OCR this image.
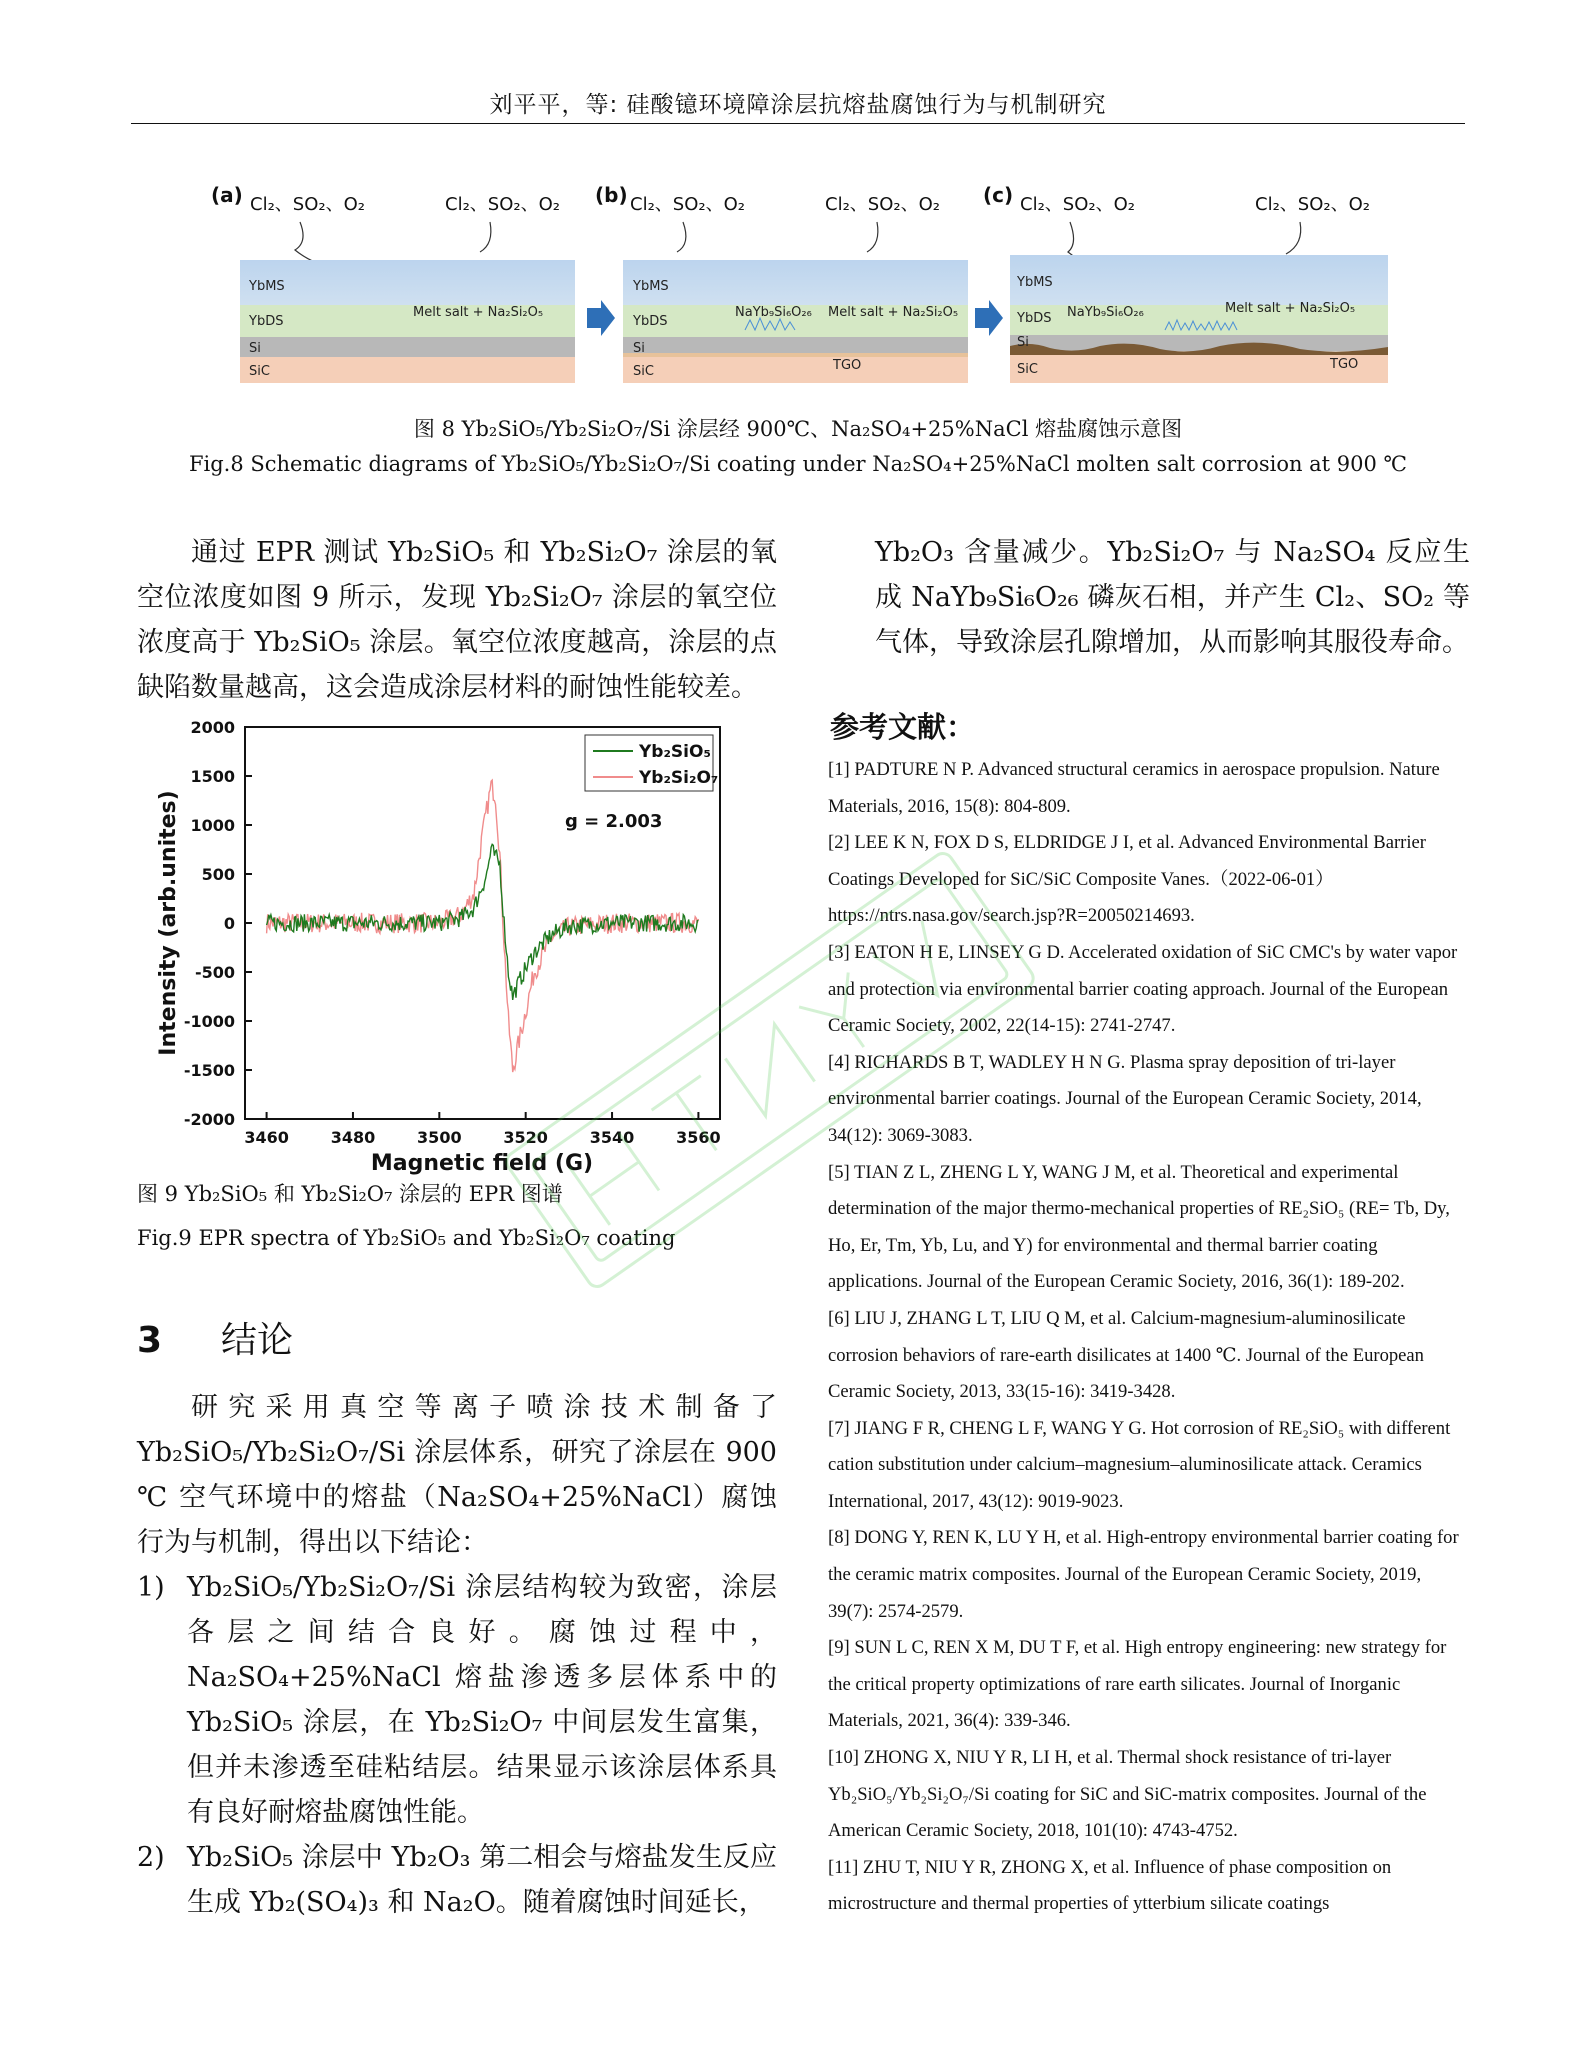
刘平平，等: 硅酸镱环境障涂层抗熔盐腐蚀行为与机制研究
(a) Cl₂、SO₂、O₂	Cl₂、SO₂、O₂
YbMS
YbDS
Si
SiC
Melt salt + Na₂Si₂O₅
(b) Cl₂、SO₂、O₂	Cl₂、SO₂、O₂
YbMS
YbDS
Si
SiC
NaYb₉Si₆O₂₆ Melt salt + Na₂Si₂O₅
TGO
(c) Cl₂、SO₂、O₂	Cl₂、SO₂、O₂
YbMS
YbDS
Si
SiC
NaYb₉Si₆O₂₆	Melt salt + Na₂Si₂O₅
TGO
图 8 Yb₂SiO₅/Yb₂Si₂O₇/Si 涂层经 900℃、Na₂SO₄+25%NaCl 熔盐腐蚀示意图
Fig.8 Schematic diagrams of Yb₂SiO₅/Yb₂Si₂O₇/Si coating under Na₂SO₄+25%NaCl molten salt corrosion at 900 ℃
通过 EPR 测试 Yb₂SiO₅ 和 Yb₂Si₂O₇ 涂层的氧空位浓度如图 9 所示，发现 Yb₂Si₂O₇ 涂层的氧空位浓度高于 Yb₂SiO₅ 涂层。氧空位浓度越高，涂层的点缺陷数量越高，这会造成涂层材料的耐蚀性能较差。
2000
1500
1000
500
0
-500
-1000
-1500
-2000
3460	3480	3500	3520	3540	3560
Intensity (arb.unites)
Magnetic field (G)
g = 2.003
Yb₂SiO₅
Yb₂Si₂O₇
图 9 Yb₂SiO₅ 和 Yb₂Si₂O₇ 涂层的 EPR 图谱
Fig.9 EPR spectra of Yb₂SiO₅ and Yb₂Si₂O₇ coating
3 结论
研究采用真空等离子喷涂技术制备了 Yb₂SiO₅/Yb₂Si₂O₇/Si 涂层体系，研究了涂层在 900 ℃ 空气环境中的熔盐（Na₂SO₄+25%NaCl）腐蚀行为与机制，得出以下结论：
1) Yb₂SiO₅/Yb₂Si₂O₇/Si 涂层结构较为致密，涂层各层之间结合良好。腐蚀过程中，Na₂SO₄+25%NaCl 熔盐渗透多层体系中的 Yb₂SiO₅ 涂层，在 Yb₂Si₂O₇ 中间层发生富集，但并未渗透至硅粘结层。结果显示该涂层体系具有良好耐熔盐腐蚀性能。
2) Yb₂SiO₅ 涂层中 Yb₂O₃ 第二相会与熔盐发生反应生成 Yb₂(SO₄)₃ 和 Na₂O。随着腐蚀时间延长，
Yb₂O₃ 含量减少。Yb₂Si₂O₇ 与 Na₂SO₄ 反应生成 NaYb₉Si₆O₂₆ 磷灰石相，并产生 Cl₂、SO₂ 等气体，导致涂层孔隙增加，从而影响其服役寿命。
参考文献：

[1] PADTURE N P. Advanced structural ceramics in aerospace propulsion. Nature Materials, 2016, 15(8): 804-809.

[2] LEE K N, FOX D S, ELDRIDGE J I, et al. Advanced Environmental Barrier Coatings Developed for SiC/SiC Composite Vanes.（2022-06-01）https://ntrs.nasa.gov/search.jsp?R=20050214693.

[3] EATON H E, LINSEY G D. Accelerated oxidation of SiC CMC's by water vapor and protection via environmental barrier coating approach. Journal of the European Ceramic Society, 2002, 22(14-15): 2741-2747.

[4] RICHARDS B T, WADLEY H N G. Plasma spray deposition of tri-layer environmental barrier coatings. Journal of the European Ceramic Society, 2014, 34(12): 3069-3083.

[5] TIAN Z L, ZHENG L Y, WANG J M, et al. Theoretical and experimental determination of the major thermo-mechanical properties of RE₂SiO₅ (RE= Tb, Dy, Ho, Er, Tm, Yb, Lu, and Y) for environmental and thermal barrier coating applications. Journal of the European Ceramic Society, 2016, 36(1): 189-202.

[6] LIU J, ZHANG L T, LIU Q M, et al. Calcium-magnesium-aluminosilicate corrosion behaviors of rare-earth disilicates at 1400 ℃. Journal of the European Ceramic Society, 2013, 33(15-16): 3419-3428.

[7] JIANG F R, CHENG L F, WANG Y G. Hot corrosion of RE₂SiO₅ with different cation substitution under calcium–magnesium–aluminosilicate attack. Ceramics International, 2017, 43(12): 9019-9023.

[8] DONG Y, REN K, LU Y H, et al. High-entropy environmental barrier coating for the ceramic matrix composites. Journal of the European Ceramic Society, 2019, 39(7): 2574-2579.

[9] SUN L C, REN X M, DU T F, et al. High entropy engineering: new strategy for the critical property optimizations of rare earth silicates. Journal of Inorganic Materials, 2021, 36(4): 339-346.

[10] ZHONG X, NIU Y R, LI H, et al. Thermal shock resistance of tri-layer Yb₂SiO₅/Yb₂Si₂O₇/Si coating for SiC and SiC-matrix composites. Journal of the American Ceramic Society, 2018, 101(10): 4743-4752.

[11] ZHU T, NIU Y R, ZHONG X, et al. Influence of phase composition on microstructure and thermal properties of ytterbium silicate coatings
